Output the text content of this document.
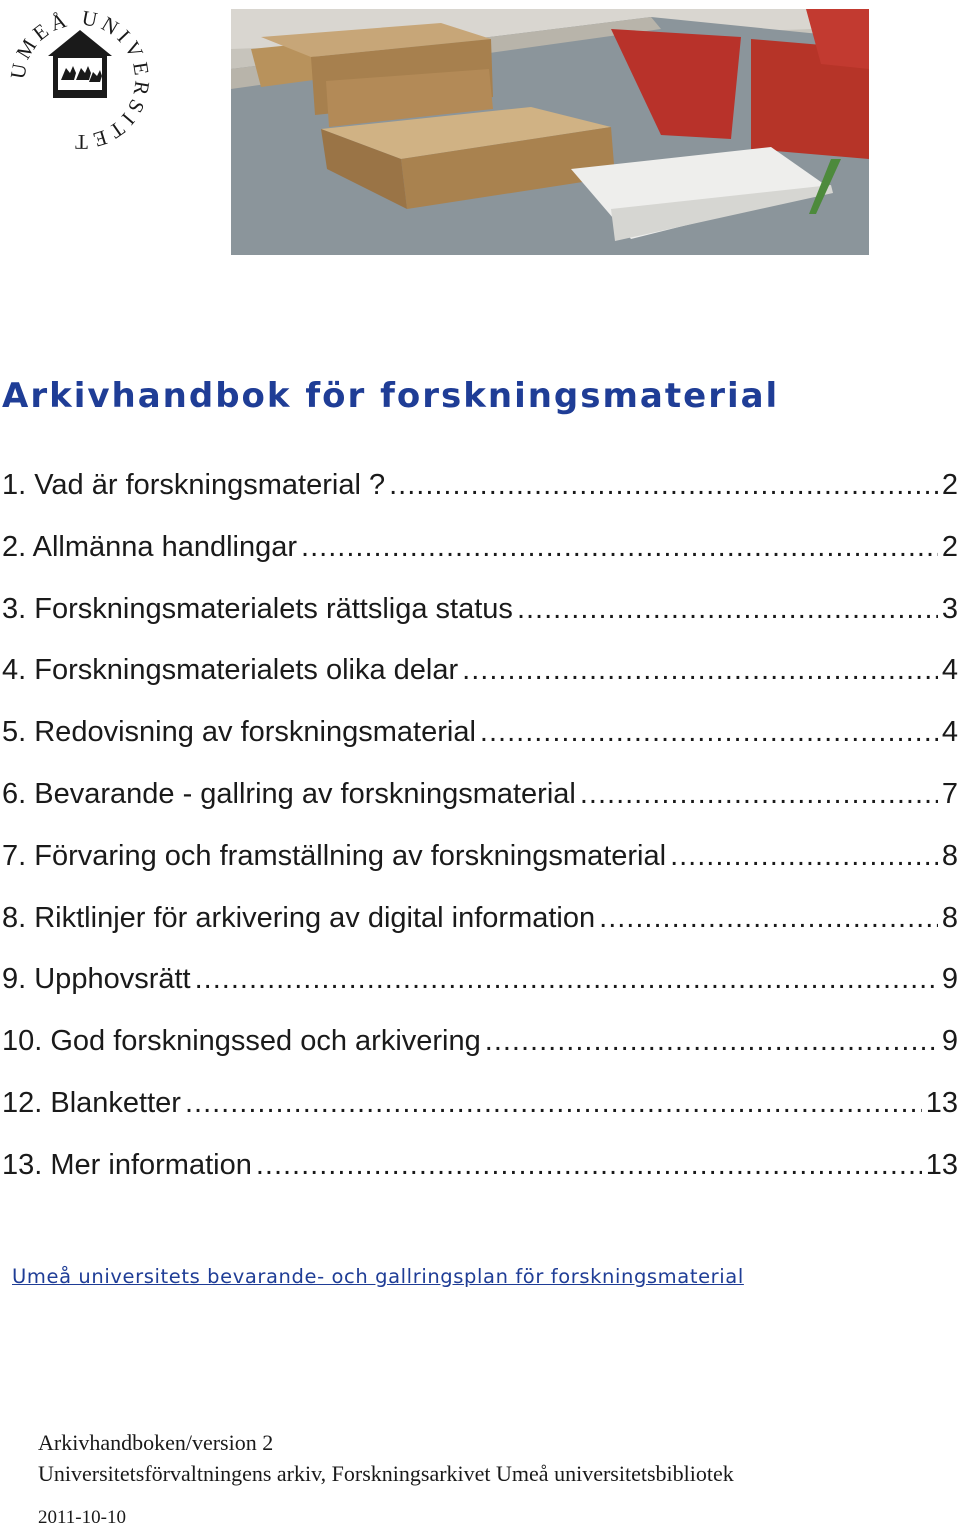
UMEÅ UNIVERSITET
Arkivhandbok för forskningsmaterial
1. Vad är forskningsmaterial ? .....	2
2. Allmänna handlingar .....	2
3. Forskningsmaterialets rättsliga status .....	3
4. Forskningsmaterialets olika delar .....	4
5. Redovisning av forskningsmaterial .....	4
6. Bevarande - gallring av forskningsmaterial .....	7
7. Förvaring och framställning av forskningsmaterial .....	8
8. Riktlinjer för arkivering av digital information .....	8
9. Upphovsrätt .....	9
10. God forskningssed och arkivering .....	9
12. Blanketter .....	13
13. Mer information .....	13
Umeå universitets bevarande- och gallringsplan för forskningsmaterial
Arkivhandboken/version 2
Universitetsförvaltningens arkiv, Forskningsarkivet Umeå universitetsbibliotek
2011-10-10
